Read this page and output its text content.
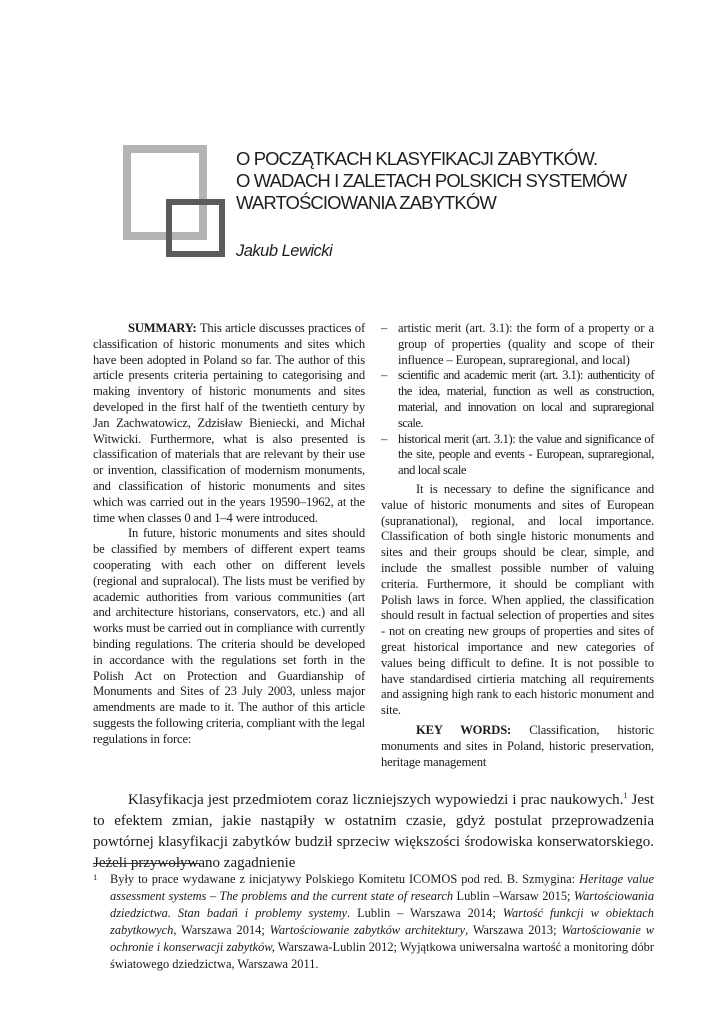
O POCZĄTKACH KLASYFIKACJI ZABYTKÓW.
O WADACH I ZALETACH POLSKICH SYSTEMÓW
WARTOŚCIOWANIA ZABYTKÓW
Jakub Lewicki

SUMMARY: This article discusses practices of classification of historic monuments and sites which have been adopted in Poland so far. The author of this article presents criteria pertaining to categorising and making inventory of historic monuments and sites developed in the first half of the twentieth century by Jan Zachwatowicz, Zdzisław Bieniecki, and Michał Witwicki. Furthermore, what is also presented is classification of materials that are relevant by their use or invention, classification of modernism monuments, and classification of historic monuments and sites which was carried out in the years 19590–1962, at the time when classes 0 and 1–4 were introduced.

In future, historic monuments and sites should be classified by members of different expert teams cooperating with each other on different levels (regional and supralocal). The lists must be verified by academic authorities from various communities (art and architecture historians, conservators, etc.) and all works must be carried out in compliance with currently binding regulations. The criteria should be developed in accordance with the regulations set forth in the Polish Act on Protection and Guardianship of Monuments and Sites of 23 July 2003, unless major amendments are made to it. The author of this article suggests the following criteria, compliant with the legal regulations in force:

– artistic merit (art. 3.1): the form of a property or a group of properties (quality and scope of their influence – European, supraregional, and local)
– scientific and academic merit (art. 3.1): authenticity of the idea, material, function as well as construction, material, and innovation on local and supraregional scale.
– historical merit (art. 3.1): the value and significance of the site, people and events - European, supraregional, and local scale

It is necessary to define the significance and value of historic monuments and sites of European (supranational), regional, and local importance. Classification of both single historic monuments and sites and their groups should be clear, simple, and include the smallest possible number of valuing criteria. Furthermore, it should be compliant with Polish laws in force. When applied, the classification should result in factual selection of properties and sites - not on creating new groups of properties and sites of great historical importance and new categories of values being difficult to define. It is not possible to have standardised cirtieria matching all requirements and assigning high rank to each historic monument and site.

KEY WORDS: Classification, historic monuments and sites in Poland, historic preservation, heritage management

Klasyfikacja jest przedmiotem coraz liczniejszych wypowiedzi i prac naukowych.$^1$ Jest to efektem zmian, jakie nastąpiły w ostatnim czasie, gdyż postulat przeprowadzenia powtórnej klasyfikacji zabytków budził sprzeciw większości środowiska konserwatorskiego. Jeżeli przywoływano zagadnienie

1 Były to prace wydawane z inicjatywy Polskiego Komitetu ICOMOS pod red. B. Szmygina: Heritage value assessment systems – The problems and the current state of research Lublin –Warsaw 2015; Wartościowania dziedzictwa. Stan badań i problemy systemy. Lublin – Warszawa 2014; Wartość funkcji w obiektach zabytkowych, Warszawa 2014; Wartościowanie zabytków architektury, Warszawa 2013; Wartościowanie w ochronie i konserwacji zabytków, Warszawa-Lublin 2012; Wyjątkowa uniwersalna wartość a monitoring dóbr światowego dziedzictwa, Warszawa 2011.
